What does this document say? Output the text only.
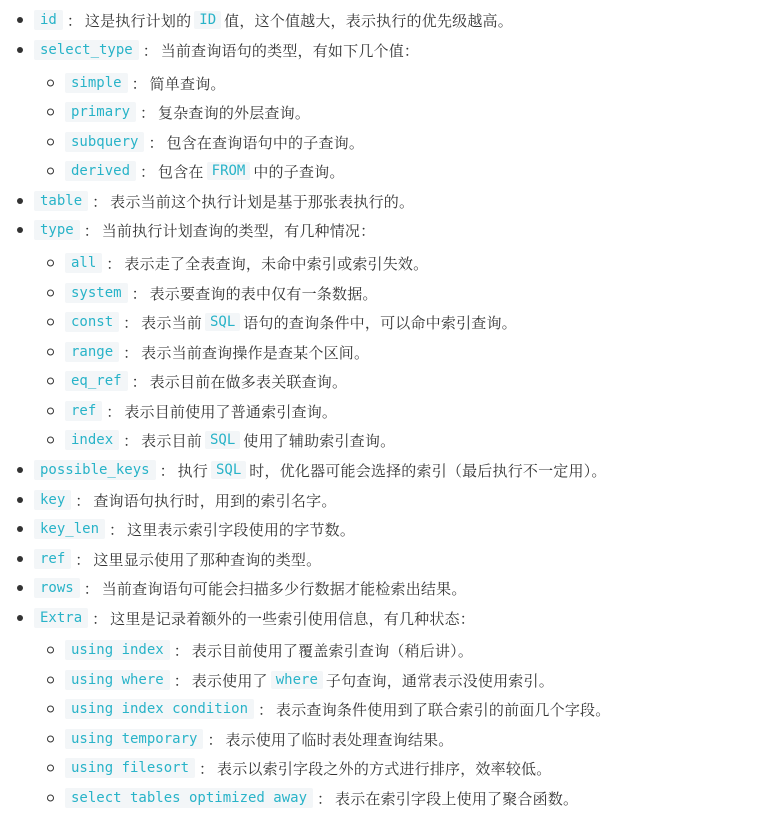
id ： 这是执行计划的 ID 值，这个值越大，表示执行的优先级越高。
select_type ： 当前查询语句的类型，有如下几个值：
simple ： 简单查询。
primary ： 复杂查询的外层查询。
subquery ： 包含在查询语句中的子查询。
derived ： 包含在 FROM 中的子查询。
table ： 表示当前这个执行计划是基于那张表执行的。
type ： 当前执行计划查询的类型，有几种情况：
all ： 表示走了全表查询，未命中索引或索引失效。
system ： 表示要查询的表中仅有一条数据。
const ： 表示当前 SQL 语句的查询条件中，可以命中索引查询。
range ： 表示当前查询操作是查某个区间。
eq_ref ： 表示目前在做多表关联查询。
ref ： 表示目前使用了普通索引查询。
index ： 表示目前 SQL 使用了辅助索引查询。
possible_keys ： 执行 SQL 时，优化器可能会选择的索引（最后执行不一定用）。
key ： 查询语句执行时，用到的索引名字。
key_len ： 这里表示索引字段使用的字节数。
ref ： 这里显示使用了那种查询的类型。
rows ： 当前查询语句可能会扫描多少行数据才能检索出结果。
Extra ： 这里是记录着额外的一些索引使用信息，有几种状态：
using index ： 表示目前使用了覆盖索引查询（稍后讲）。
using where ： 表示使用了 where 子句查询，通常表示没使用索引。
using index condition ： 表示查询条件使用到了联合索引的前面几个字段。
using temporary ： 表示使用了临时表处理查询结果。
using filesort ： 表示以索引字段之外的方式进行排序，效率较低。
select tables optimized away ： 表示在索引字段上使用了聚合函数。
